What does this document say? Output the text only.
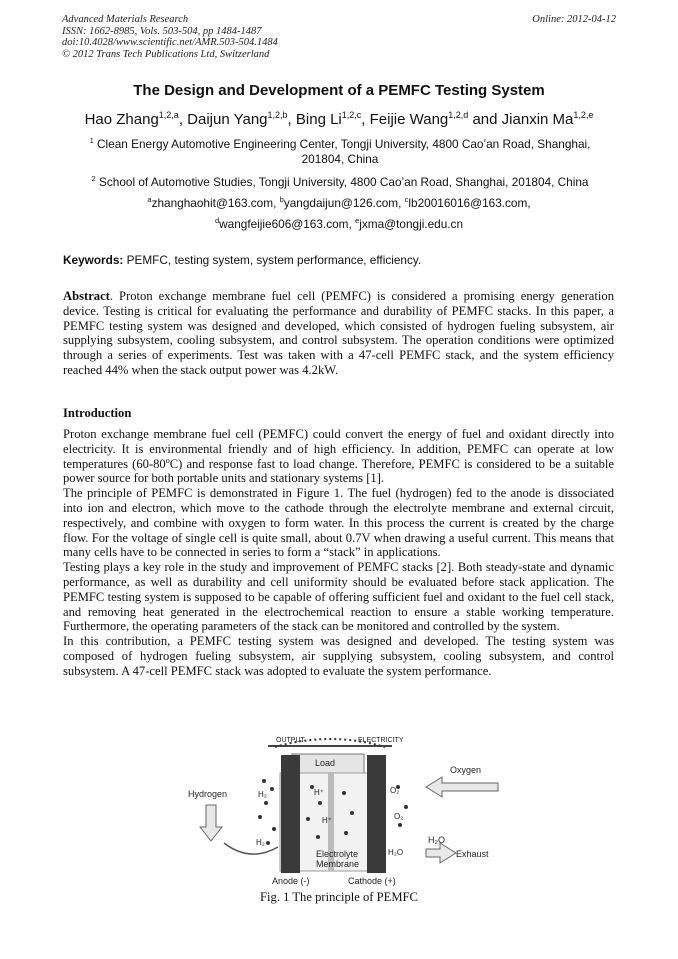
Advanced Materials Research
ISSN: 1662-8985, Vols. 503-504, pp 1484-1487
doi:10.4028/www.scientific.net/AMR.503-504.1484
© 2012 Trans Tech Publications Ltd, Switzerland
Online: 2012-04-12
The Design and Development of a PEMFC Testing System
Hao Zhang$^{1,2,a}$, Daijun Yang$^{1,2,b}$, Bing Li$^{1,2,c}$, Feijie Wang$^{1,2,d}$ and Jianxin Ma$^{1,2,e}$
$^1$ Clean Energy Automotive Engineering Center, Tongji University, 4800 Cao’an Road, Shanghai, 201804, China
$^2$ School of Automotive Studies, Tongji University, 4800 Cao’an Road, Shanghai, 201804, China
$^a$zhanghaohit@163.com, $^b$yangdaijun@126.com, $^c$lb20016016@163.com,
$^d$wangfeijie606@163.com, $^e$jxma@tongji.edu.cn
Keywords: PEMFC, testing system, system performance, efficiency.

Abstract. Proton exchange membrane fuel cell (PEMFC) is considered a promising energy generation device. Testing is critical for evaluating the performance and durability of PEMFC stacks. In this paper, a PEMFC testing system was designed and developed, which consisted of hydrogen fueling subsystem, air supplying subsystem, cooling subsystem, and control subsystem. The operation conditions were optimized through a series of experiments. Test was taken with a 47-cell PEMFC stack, and the system efficiency reached 44% when the stack output power was 4.2kW.

Introduction

Proton exchange membrane fuel cell (PEMFC) could convert the energy of fuel and oxidant directly into electricity. It is environmental friendly and of high efficiency. In addition, PEMFC can operate at low temperatures (60-80$^o$C) and response fast to load change. Therefore, PEMFC is considered to be a suitable power source for both portable units and stationary systems [1].

The principle of PEMFC is demonstrated in Figure 1. The fuel (hydrogen) fed to the anode is dissociated into ion and electron, which move to the cathode through the electrolyte membrane and external circuit, respectively, and combine with oxygen to form water. In this process the current is created by the charge flow. For the voltage of single cell is quite small, about 0.7V when drawing a useful current. This means that many cells have to be connected in series to form a “stack” in applications.

Testing plays a key role in the study and improvement of PEMFC stacks [2]. Both steady-state and dynamic performance, as well as durability and cell uniformity should be evaluated before stack application. The PEMFC testing system is supposed to be capable of offering sufficient fuel and oxidant to the fuel cell stack, and removing heat generated in the electrochemical reaction to ensure a stable working temperature. Furthermore, the operating parameters of the stack can be monitored and controlled by the system.

In this contribution, a PEMFC testing system was designed and developed. The testing system was composed of hydrogen fueling subsystem, air supplying subsystem, cooling subsystem, and control subsystem. A 47-cell PEMFC stack was adopted to evaluate the system performance.

Load
OUTPUT	ELECTRICITY
H₂
H₂
H⁺
H⁺
O₂
O₂
H₂O
Hydrogen
Oxygen
H₂O
Exhaust
Electrolyte
Membrane
Anode (-)	Cathode (+)
Fig. 1 The principle of PEMFC
